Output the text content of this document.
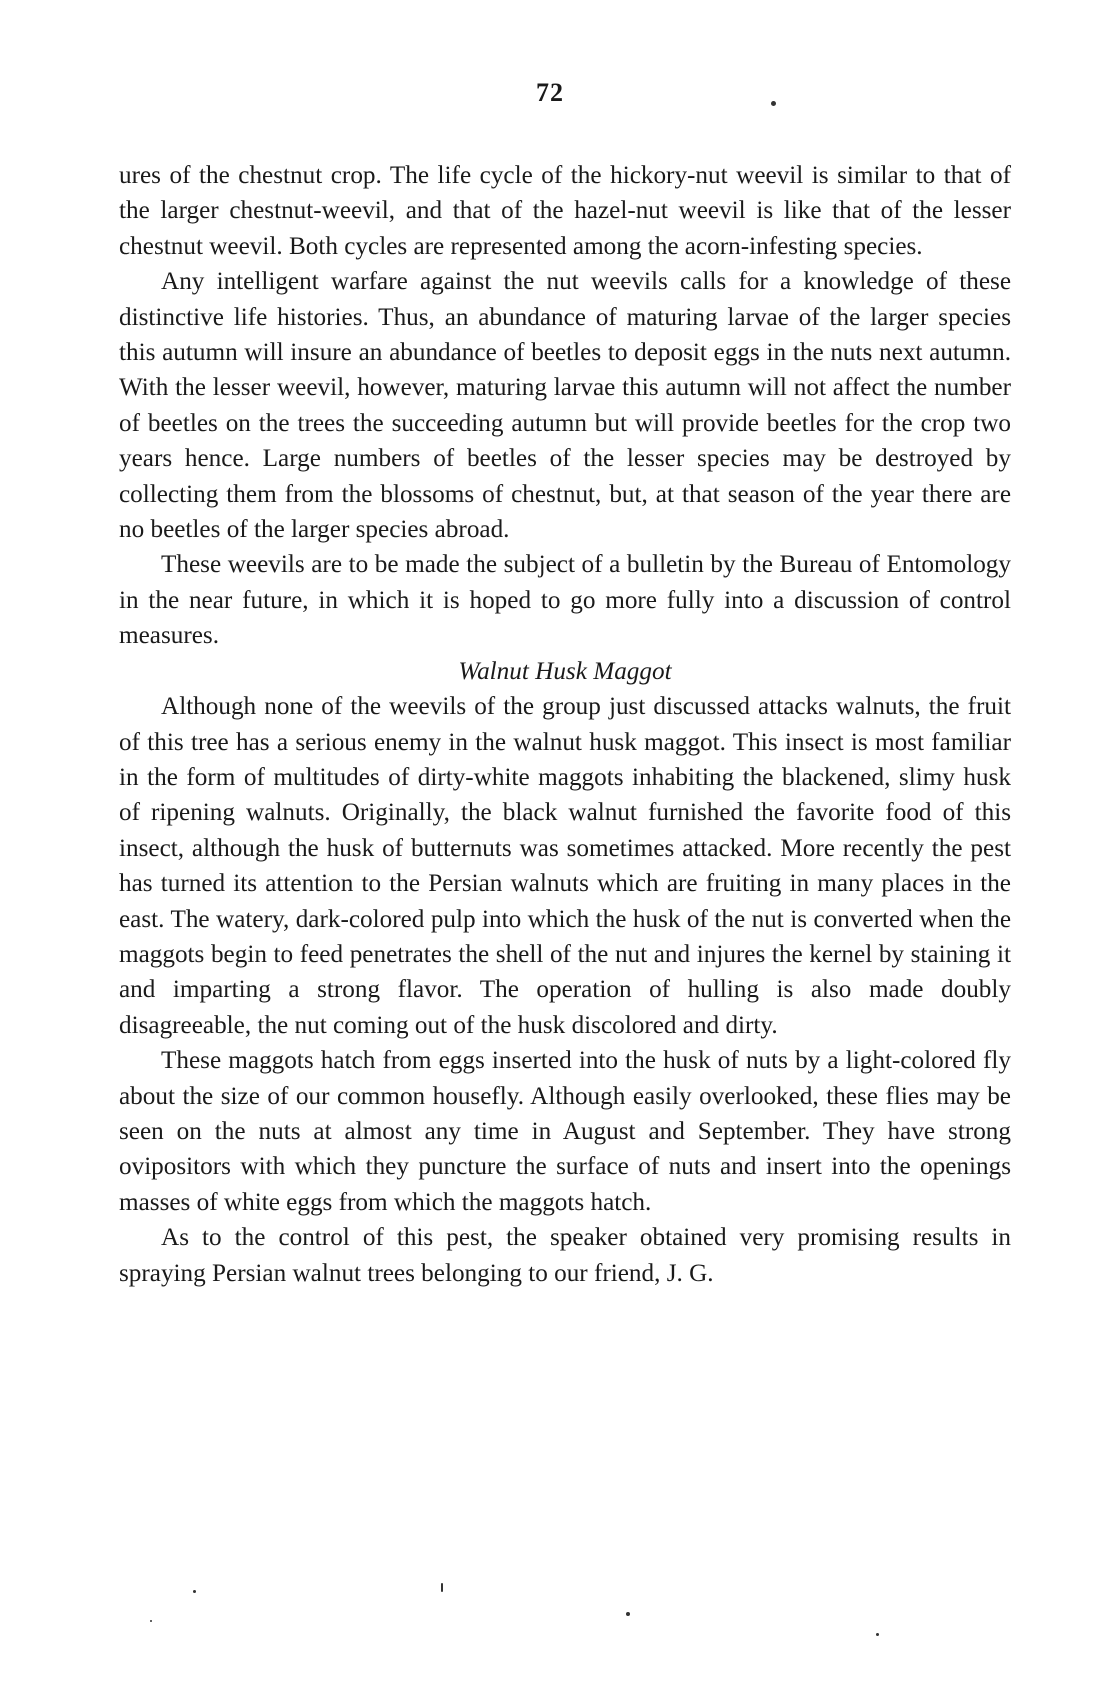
72

ures of the chestnut crop. The life cycle of the hickory-nut weevil is similar to that of the larger chestnut-weevil, and that of the hazel-nut weevil is like that of the lesser chestnut weevil. Both cycles are represented among the acorn-infesting species.

Any intelligent warfare against the nut weevils calls for a knowledge of these distinctive life histories. Thus, an abundance of maturing larvae of the larger species this autumn will insure an abundance of beetles to deposit eggs in the nuts next autumn. With the lesser weevil, however, maturing larvae this autumn will not affect the number of beetles on the trees the succeeding autumn but will provide beetles for the crop two years hence. Large numbers of beetles of the lesser species may be destroyed by collecting them from the blossoms of chestnut, but, at that season of the year there are no beetles of the larger species abroad.

These weevils are to be made the subject of a bulletin by the Bureau of Entomology in the near future, in which it is hoped to go more fully into a discussion of control measures.

Walnut Husk Maggot

Although none of the weevils of the group just discussed attacks walnuts, the fruit of this tree has a serious enemy in the walnut husk maggot. This insect is most familiar in the form of multitudes of dirty-white maggots inhabiting the blackened, slimy husk of ripening walnuts. Originally, the black walnut furnished the favorite food of this insect, although the husk of butternuts was sometimes attacked. More recently the pest has turned its attention to the Persian walnuts which are fruiting in many places in the east. The watery, dark-colored pulp into which the husk of the nut is converted when the maggots begin to feed penetrates the shell of the nut and injures the kernel by staining it and imparting a strong flavor. The operation of hulling is also made doubly disagreeable, the nut coming out of the husk discolored and dirty.

These maggots hatch from eggs inserted into the husk of nuts by a light-colored fly about the size of our common housefly. Although easily overlooked, these flies may be seen on the nuts at almost any time in August and September. They have strong ovipositors with which they puncture the surface of nuts and insert into the openings masses of white eggs from which the maggots hatch.

As to the control of this pest, the speaker obtained very promising results in spraying Persian walnut trees belonging to our friend, J. G.
